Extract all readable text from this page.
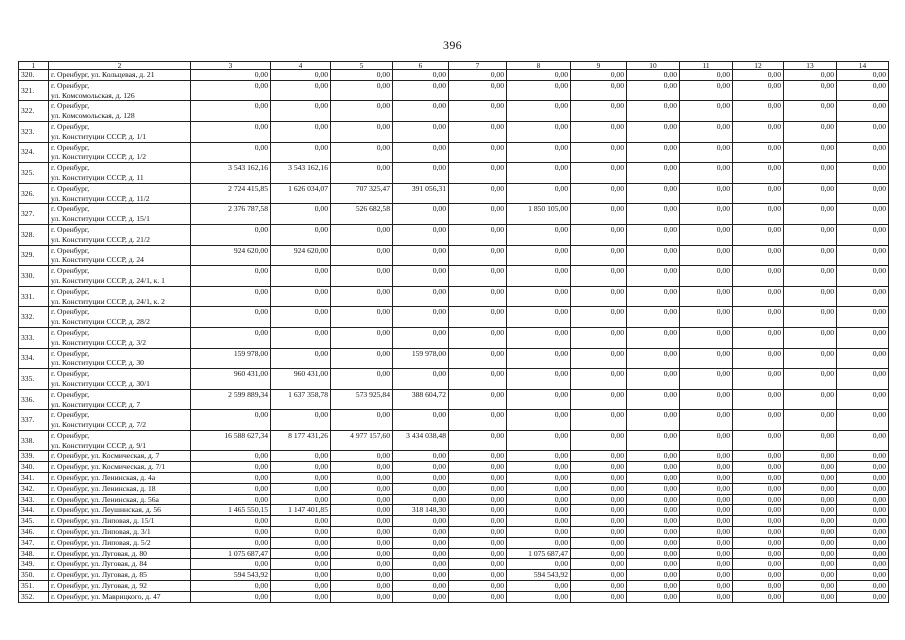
396
1	2	3	4	5	6	7	8	9	10	11	12	13	14
320.	г. Оренбург, ул. Кольцевая, д. 21	0,00	0,00	0,00	0,00	0,00	0,00	0,00	0,00	0,00	0,00	0,00	0,00
321.	г. Оренбург,
ул. Комсомольская, д. 126	0,00	0,00	0,00	0,00	0,00	0,00	0,00	0,00	0,00	0,00	0,00	0,00
322.	г. Оренбург,
ул. Комсомольская, д. 128	0,00	0,00	0,00	0,00	0,00	0,00	0,00	0,00	0,00	0,00	0,00	0,00
323.	г. Оренбург,
ул. Конституции СССР, д. 1/1	0,00	0,00	0,00	0,00	0,00	0,00	0,00	0,00	0,00	0,00	0,00	0,00
324.	г. Оренбург,
ул. Конституции СССР, д. 1/2	0,00	0,00	0,00	0,00	0,00	0,00	0,00	0,00	0,00	0,00	0,00	0,00
325.	г. Оренбург,
ул. Конституции СССР, д. 11	3 543 162,16	3 543 162,16	0,00	0,00	0,00	0,00	0,00	0,00	0,00	0,00	0,00	0,00
326.	г. Оренбург,
ул. Конституции СССР, д. 11/2	2 724 415,85	1 626 034,07	707 325,47	391 056,31	0,00	0,00	0,00	0,00	0,00	0,00	0,00	0,00
327.	г. Оренбург,
ул. Конституции СССР, д. 15/1	2 376 787,58	0,00	526 682,58	0,00	0,00	1 850 105,00	0,00	0,00	0,00	0,00	0,00	0,00
328.	г. Оренбург,
ул. Конституции СССР, д. 21/2	0,00	0,00	0,00	0,00	0,00	0,00	0,00	0,00	0,00	0,00	0,00	0,00
329.	г. Оренбург,
ул. Конституции СССР, д. 24	924 620,00	924 620,00	0,00	0,00	0,00	0,00	0,00	0,00	0,00	0,00	0,00	0,00
330.	г. Оренбург,
ул. Конституции СССР, д. 24/1, к. 1	0,00	0,00	0,00	0,00	0,00	0,00	0,00	0,00	0,00	0,00	0,00	0,00
331.	г. Оренбург,
ул. Конституции СССР, д. 24/1, к. 2	0,00	0,00	0,00	0,00	0,00	0,00	0,00	0,00	0,00	0,00	0,00	0,00
332.	г. Оренбург,
ул. Конституции СССР, д. 28/2	0,00	0,00	0,00	0,00	0,00	0,00	0,00	0,00	0,00	0,00	0,00	0,00
333.	г. Оренбург,
ул. Конституции СССР, д. 3/2	0,00	0,00	0,00	0,00	0,00	0,00	0,00	0,00	0,00	0,00	0,00	0,00
334.	г. Оренбург,
ул. Конституции СССР, д. 30	159 978,00	0,00	0,00	159 978,00	0,00	0,00	0,00	0,00	0,00	0,00	0,00	0,00
335.	г. Оренбург,
ул. Конституции СССР, д. 30/1	960 431,00	960 431,00	0,00	0,00	0,00	0,00	0,00	0,00	0,00	0,00	0,00	0,00
336.	г. Оренбург,
ул. Конституции СССР, д. 7	2 599 889,34	1 637 358,78	573 925,84	388 604,72	0,00	0,00	0,00	0,00	0,00	0,00	0,00	0,00
337.	г. Оренбург,
ул. Конституции СССР, д. 7/2	0,00	0,00	0,00	0,00	0,00	0,00	0,00	0,00	0,00	0,00	0,00	0,00
338.	г. Оренбург,
ул. Конституции СССР, д. 9/1	16 588 627,34	8 177 431,26	4 977 157,60	3 434 038,48	0,00	0,00	0,00	0,00	0,00	0,00	0,00	0,00
339.	г. Оренбург, ул. Космическая, д. 7	0,00	0,00	0,00	0,00	0,00	0,00	0,00	0,00	0,00	0,00	0,00	0,00
340.	г. Оренбург, ул. Космическая, д. 7/1	0,00	0,00	0,00	0,00	0,00	0,00	0,00	0,00	0,00	0,00	0,00	0,00
341.	г. Оренбург, ул. Ленинская, д. 4а	0,00	0,00	0,00	0,00	0,00	0,00	0,00	0,00	0,00	0,00	0,00	0,00
342.	г. Оренбург, ул. Ленинская, д. 18	0,00	0,00	0,00	0,00	0,00	0,00	0,00	0,00	0,00	0,00	0,00	0,00
343.	г. Оренбург, ул. Ленинская, д. 56а	0,00	0,00	0,00	0,00	0,00	0,00	0,00	0,00	0,00	0,00	0,00	0,00
344.	г. Оренбург, ул. Леушинская, д. 56	1 465 550,15	1 147 401,85	0,00	318 148,30	0,00	0,00	0,00	0,00	0,00	0,00	0,00	0,00
345.	г. Оренбург, ул. Липовая, д. 15/1	0,00	0,00	0,00	0,00	0,00	0,00	0,00	0,00	0,00	0,00	0,00	0,00
346.	г. Оренбург, ул. Липовая, д. 3/1	0,00	0,00	0,00	0,00	0,00	0,00	0,00	0,00	0,00	0,00	0,00	0,00
347.	г. Оренбург, ул. Липовая, д. 5/2	0,00	0,00	0,00	0,00	0,00	0,00	0,00	0,00	0,00	0,00	0,00	0,00
348.	г. Оренбург, ул. Луговая, д. 80	1 075 687,47	0,00	0,00	0,00	0,00	1 075 687,47	0,00	0,00	0,00	0,00	0,00	0,00
349.	г. Оренбург, ул. Луговая, д. 84	0,00	0,00	0,00	0,00	0,00	0,00	0,00	0,00	0,00	0,00	0,00	0,00
350.	г. Оренбург, ул. Луговая, д. 85	594 543,92	0,00	0,00	0,00	0,00	594 543,92	0,00	0,00	0,00	0,00	0,00	0,00
351.	г. Оренбург, ул. Луговая, д. 92	0,00	0,00	0,00	0,00	0,00	0,00	0,00	0,00	0,00	0,00	0,00	0,00
352.	г. Оренбург, ул. Маврицкого, д. 47	0,00	0,00	0,00	0,00	0,00	0,00	0,00	0,00	0,00	0,00	0,00	0,00
